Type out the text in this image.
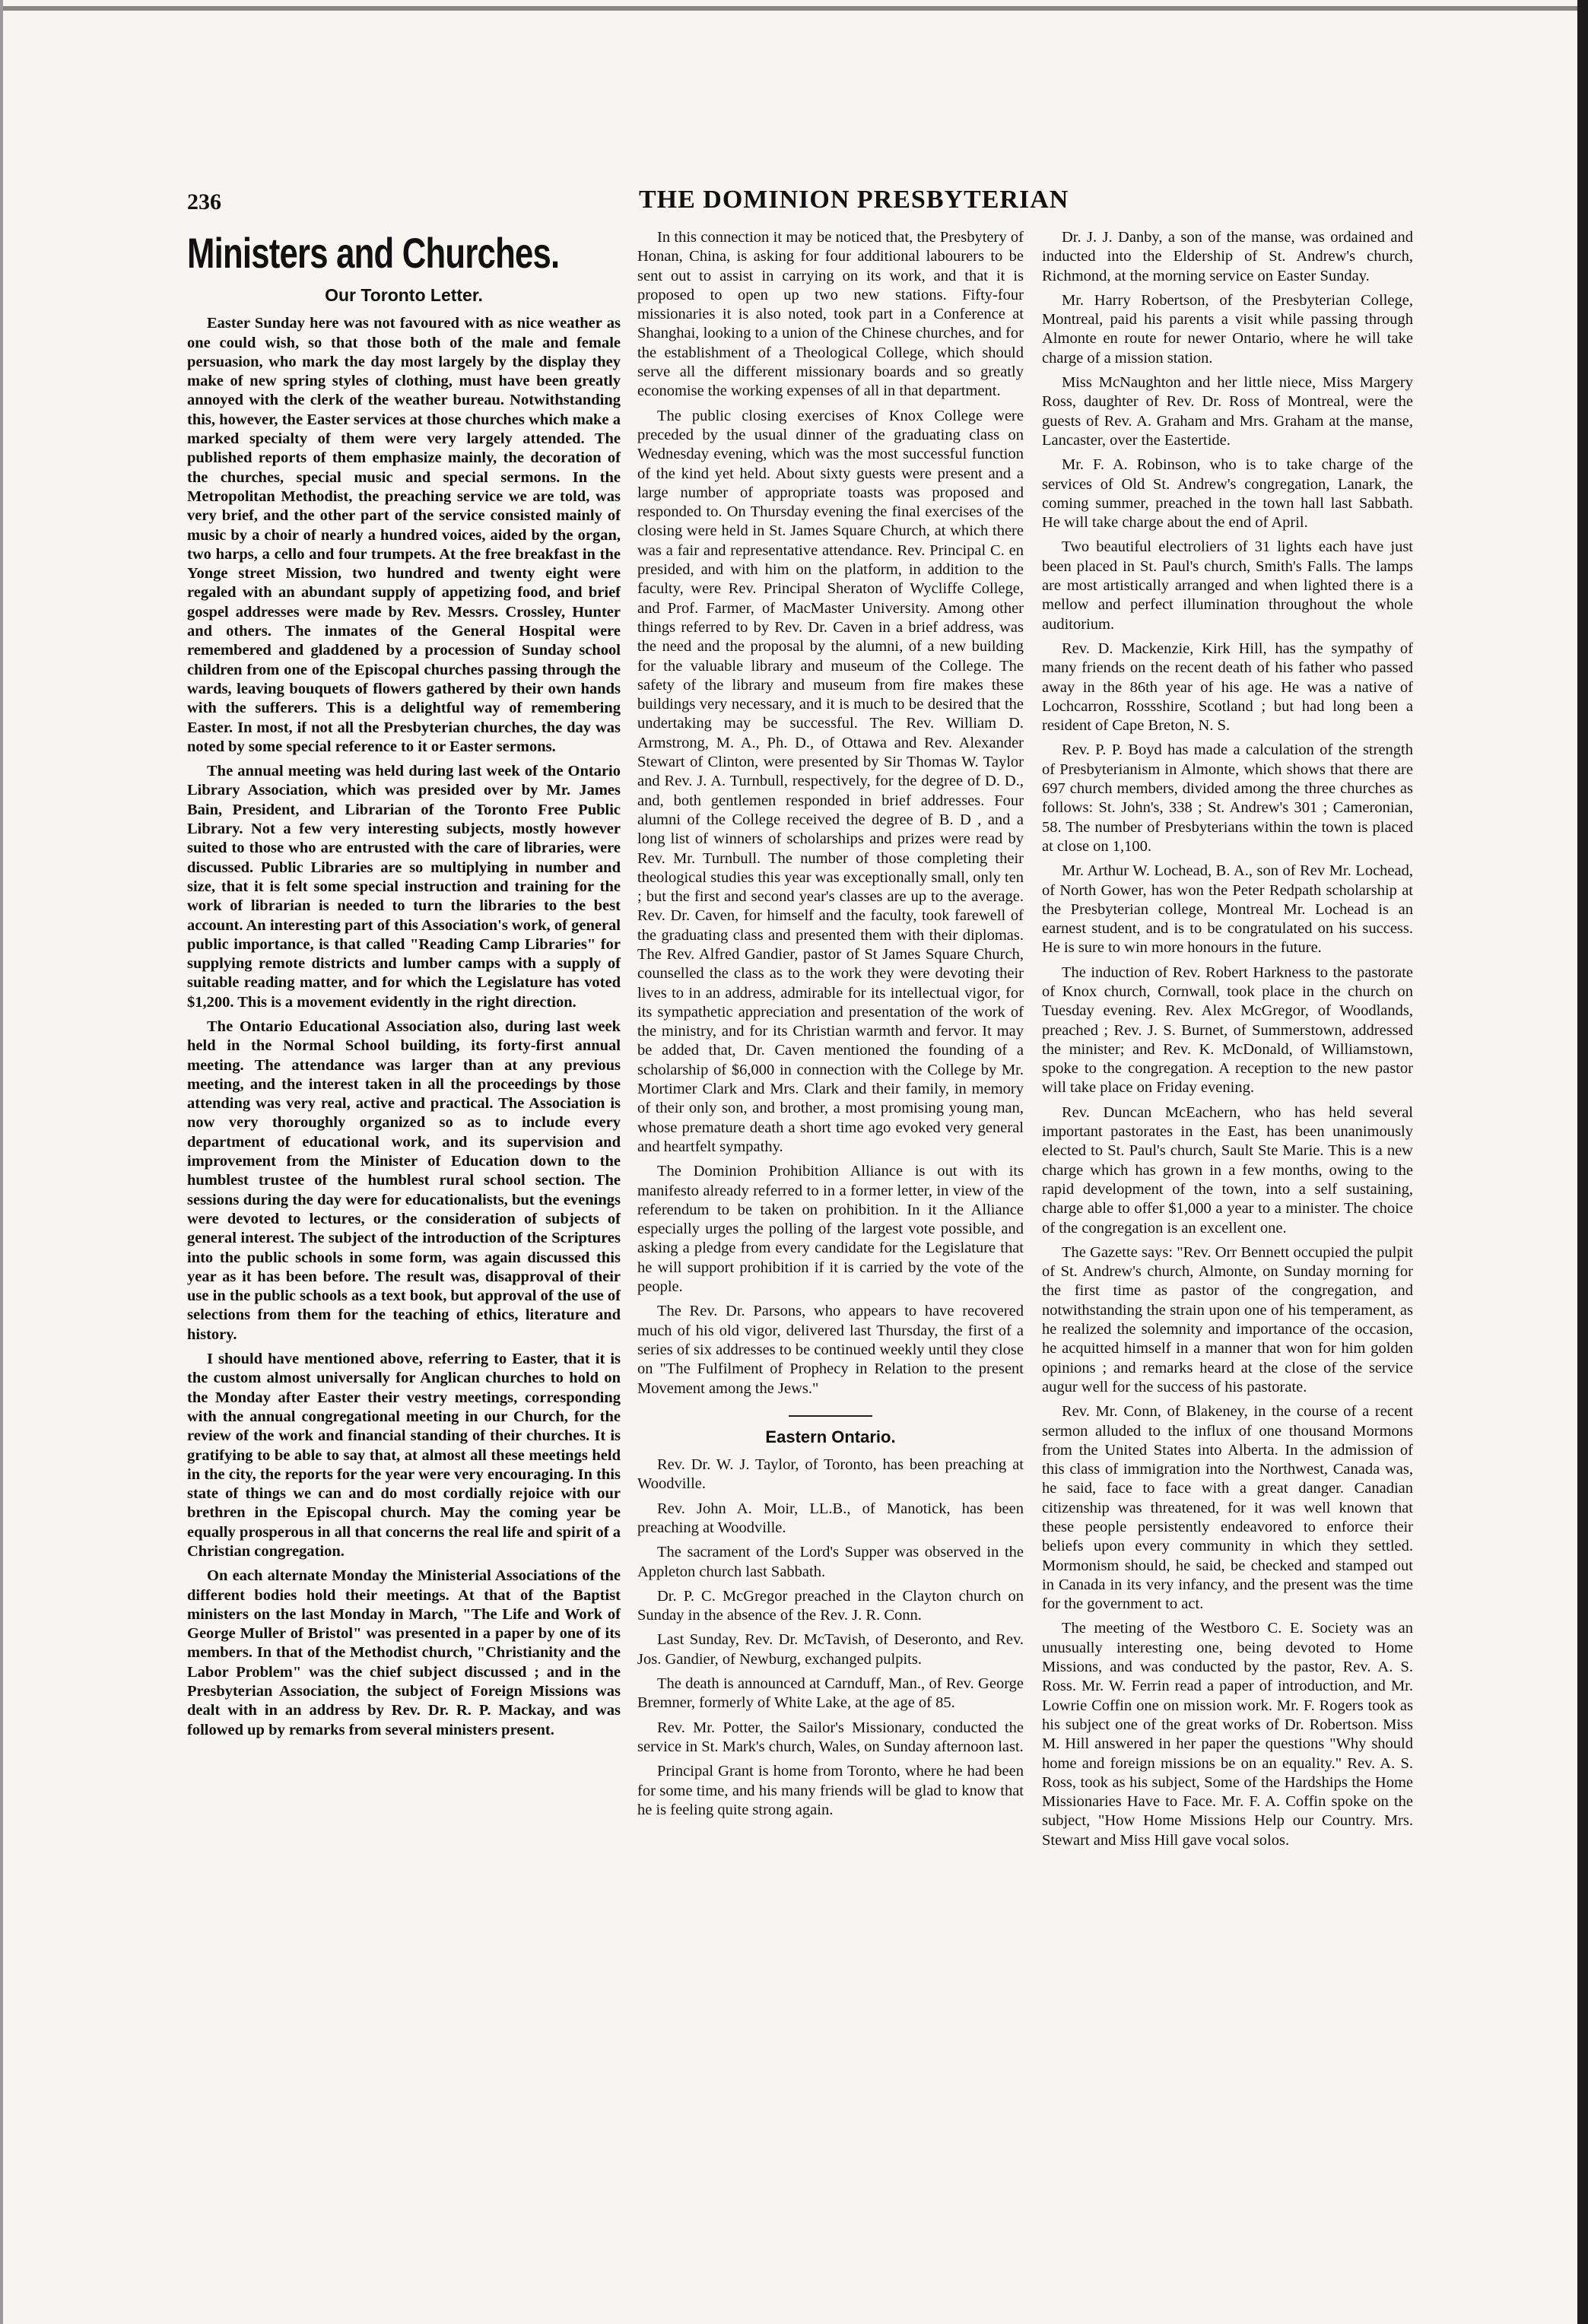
236	THE DOMINION PRESBYTERIAN
Ministers and Churches.
Our Toronto Letter.

Easter Sunday here was not favoured with as nice weather as one could wish, so that those both of the male and female persuasion, who mark the day most largely by the display they make of new spring styles of clothing, must have been greatly annoyed with the clerk of the weather bureau. Notwithstanding this, however, the Easter services at those churches which make a marked specialty of them were very largely attended. The published reports of them emphasize mainly, the decoration of the churches, special music and special sermons. In the Metropolitan Methodist, the preaching service we are told, was very brief, and the other part of the service consisted mainly of music by a choir of nearly a hundred voices, aided by the organ, two harps, a cello and four trumpets. At the free breakfast in the Yonge street Mission, two hundred and twenty eight were regaled with an abundant supply of appetizing food, and brief gospel addresses were made by Rev. Messrs. Crossley, Hunter and others. The inmates of the General Hospital were remembered and gladdened by a procession of Sunday school children from one of the Episcopal churches passing through the wards, leaving bouquets of flowers gathered by their own hands with the sufferers. This is a delightful way of remembering Easter. In most, if not all the Presbyterian churches, the day was noted by some special reference to it or Easter sermons.

The annual meeting was held during last week of the Ontario Library Association, which was presided over by Mr. James Bain, President, and Librarian of the Toronto Free Public Library. Not a few very interesting subjects, mostly however suited to those who are entrusted with the care of libraries, were discussed. Public Libraries are so multiplying in number and size, that it is felt some special instruction and training for the work of librarian is needed to turn the libraries to the best account. An interesting part of this Association's work, of general public importance, is that called "Reading Camp Libraries" for supplying remote districts and lumber camps with a supply of suitable reading matter, and for which the Legislature has voted $1,200. This is a movement evidently in the right direction.

The Ontario Educational Association also, during last week held in the Normal School building, its forty-first annual meeting. The attendance was larger than at any previous meeting, and the interest taken in all the proceedings by those attending was very real, active and practical. The Association is now very thoroughly organized so as to include every department of educational work, and its supervision and improvement from the Minister of Education down to the humblest trustee of the humblest rural school section. The sessions during the day were for educationalists, but the evenings were devoted to lectures, or the consideration of subjects of general interest. The subject of the introduction of the Scriptures into the public schools in some form, was again discussed this year as it has been before. The result was, disapproval of their use in the public schools as a text book, but approval of the use of selections from them for the teaching of ethics, literature and history.

I should have mentioned above, referring to Easter, that it is the custom almost universally for Anglican churches to hold on the Monday after Easter their vestry meetings, corresponding with the annual congregational meeting in our Church, for the review of the work and financial standing of their churches. It is gratifying to be able to say that, at almost all these meetings held in the city, the reports for the year were very encouraging. In this state of things we can and do most cordially rejoice with our brethren in the Episcopal church. May the coming year be equally prosperous in all that concerns the real life and spirit of a Christian congregation.

On each alternate Monday the Ministerial Associations of the different bodies hold their meetings. At that of the Baptist ministers on the last Monday in March, "The Life and Work of George Muller of Bristol" was presented in a paper by one of its members. In that of the Methodist church, "Christianity and the Labor Problem" was the chief subject discussed ; and in the Presbyterian Association, the subject of Foreign Missions was dealt with in an address by Rev. Dr. R. P. Mackay, and was followed up by remarks from several ministers present.

In this connection it may be noticed that, the Presbytery of Honan, China, is asking for four additional labourers to be sent out to assist in carrying on its work, and that it is proposed to open up two new stations. Fifty-four missionaries it is also noted, took part in a Conference at Shanghai, looking to a union of the Chinese churches, and for the establishment of a Theological College, which should serve all the different missionary boards and so greatly economise the working expenses of all in that department.

The public closing exercises of Knox College were preceded by the usual dinner of the graduating class on Wednesday evening, which was the most successful function of the kind yet held. About sixty guests were present and a large number of appropriate toasts was proposed and responded to. On Thursday evening the final exercises of the closing were held in St. James Square Church, at which there was a fair and representative attendance. Rev. Principal C. en presided, and with him on the platform, in addition to the faculty, were Rev. Principal Sheraton of Wycliffe College, and Prof. Farmer, of MacMaster University. Among other things referred to by Rev. Dr. Caven in a brief address, was the need and the proposal by the alumni, of a new building for the valuable library and museum of the College. The safety of the library and museum from fire makes these buildings very necessary, and it is much to be desired that the undertaking may be successful. The Rev. William D. Armstrong, M. A., Ph. D., of Ottawa and Rev. Alexander Stewart of Clinton, were presented by Sir Thomas W. Taylor and Rev. J. A. Turnbull, respectively, for the degree of D. D., and, both gentlemen responded in brief addresses. Four alumni of the College received the degree of B. D , and a long list of winners of scholarships and prizes were read by Rev. Mr. Turnbull. The number of those completing their theological studies this year was exceptionally small, only ten ; but the first and second year's classes are up to the average. Rev. Dr. Caven, for himself and the faculty, took farewell of the graduating class and presented them with their diplomas. The Rev. Alfred Gandier, pastor of St James Square Church, counselled the class as to the work they were devoting their lives to in an address, admirable for its intellectual vigor, for its sympathetic appreciation and presentation of the work of the ministry, and for its Christian warmth and fervor. It may be added that, Dr. Caven mentioned the founding of a scholarship of $6,000 in connection with the College by Mr. Mortimer Clark and Mrs. Clark and their family, in memory of their only son, and brother, a most promising young man, whose premature death a short time ago evoked very general and heartfelt sympathy.

The Dominion Prohibition Alliance is out with its manifesto already referred to in a former letter, in view of the referendum to be taken on prohibition. In it the Alliance especially urges the polling of the largest vote possible, and asking a pledge from every candidate for the Legislature that he will support prohibition if it is carried by the vote of the people.

The Rev. Dr. Parsons, who appears to have recovered much of his old vigor, delivered last Thursday, the first of a series of six addresses to be continued weekly until they close on "The Fulfilment of Prophecy in Relation to the present Movement among the Jews."

Eastern Ontario.

Rev. Dr. W. J. Taylor, of Toronto, has been preaching at Woodville.

Rev. John A. Moir, LL.B., of Manotick, has been preaching at Woodville.

The sacrament of the Lord's Supper was observed in the Appleton church last Sabbath.

Dr. P. C. McGregor preached in the Clayton church on Sunday in the absence of the Rev. J. R. Conn.

Last Sunday, Rev. Dr. McTavish, of Deseronto, and Rev. Jos. Gandier, of Newburg, exchanged pulpits.

The death is announced at Carnduff, Man., of Rev. George Bremner, formerly of White Lake, at the age of 85.

Rev. Mr. Potter, the Sailor's Missionary, conducted the service in St. Mark's church, Wales, on Sunday afternoon last.

Principal Grant is home from Toronto, where he had been for some time, and his many friends will be glad to know that he is feeling quite strong again.

Dr. J. J. Danby, a son of the manse, was ordained and inducted into the Eldership of St. Andrew's church, Richmond, at the morning service on Easter Sunday.

Mr. Harry Robertson, of the Presbyterian College, Montreal, paid his parents a visit while passing through Almonte en route for newer Ontario, where he will take charge of a mission station.

Miss McNaughton and her little niece, Miss Margery Ross, daughter of Rev. Dr. Ross of Montreal, were the guests of Rev. A. Graham and Mrs. Graham at the manse, Lancaster, over the Eastertide.

Mr. F. A. Robinson, who is to take charge of the services of Old St. Andrew's congregation, Lanark, the coming summer, preached in the town hall last Sabbath. He will take charge about the end of April.

Two beautiful electroliers of 31 lights each have just been placed in St. Paul's church, Smith's Falls. The lamps are most artistically arranged and when lighted there is a mellow and perfect illumination throughout the whole auditorium.

Rev. D. Mackenzie, Kirk Hill, has the sympathy of many friends on the recent death of his father who passed away in the 86th year of his age. He was a native of Lochcarron, Rossshire, Scotland ; but had long been a resident of Cape Breton, N. S.

Rev. P. P. Boyd has made a calculation of the strength of Presbyterianism in Almonte, which shows that there are 697 church members, divided among the three churches as follows: St. John's, 338 ; St. Andrew's 301 ; Cameronian, 58. The number of Presbyterians within the town is placed at close on 1,100.

Mr. Arthur W. Lochead, B. A., son of Rev Mr. Lochead, of North Gower, has won the Peter Redpath scholarship at the Presbyterian college, Montreal Mr. Lochead is an earnest student, and is to be congratulated on his success. He is sure to win more honours in the future.

The induction of Rev. Robert Harkness to the pastorate of Knox church, Cornwall, took place in the church on Tuesday evening. Rev. Alex McGregor, of Woodlands, preached ; Rev. J. S. Burnet, of Summerstown, addressed the minister; and Rev. K. McDonald, of Williamstown, spoke to the congregation. A reception to the new pastor will take place on Friday evening.

Rev. Duncan McEachern, who has held several important pastorates in the East, has been unanimously elected to St. Paul's church, Sault Ste Marie. This is a new charge which has grown in a few months, owing to the rapid development of the town, into a self sustaining, charge able to offer $1,000 a year to a minister. The choice of the congregation is an excellent one.

The Gazette says: "Rev. Orr Bennett occupied the pulpit of St. Andrew's church, Almonte, on Sunday morning for the first time as pastor of the congregation, and notwithstanding the strain upon one of his temperament, as he realized the solemnity and importance of the occasion, he acquitted himself in a manner that won for him golden opinions ; and remarks heard at the close of the service augur well for the success of his pastorate.

Rev. Mr. Conn, of Blakeney, in the course of a recent sermon alluded to the influx of one thousand Mormons from the United States into Alberta. In the admission of this class of immigration into the Northwest, Canada was, he said, face to face with a great danger. Canadian citizenship was threatened, for it was well known that these people persistently endeavored to enforce their beliefs upon every community in which they settled. Mormonism should, he said, be checked and stamped out in Canada in its very infancy, and the present was the time for the government to act.

The meeting of the Westboro C. E. Society was an unusually interesting one, being devoted to Home Missions, and was conducted by the pastor, Rev. A. S. Ross. Mr. W. Ferrin read a paper of introduction, and Mr. Lowrie Coffin one on mission work. Mr. F. Rogers took as his subject one of the great works of Dr. Robertson. Miss M. Hill answered in her paper the questions "Why should home and foreign missions be on an equality." Rev. A. S. Ross, took as his subject, Some of the Hardships the Home Missionaries Have to Face. Mr. F. A. Coffin spoke on the subject, "How Home Missions Help our Country. Mrs. Stewart and Miss Hill gave vocal solos.
